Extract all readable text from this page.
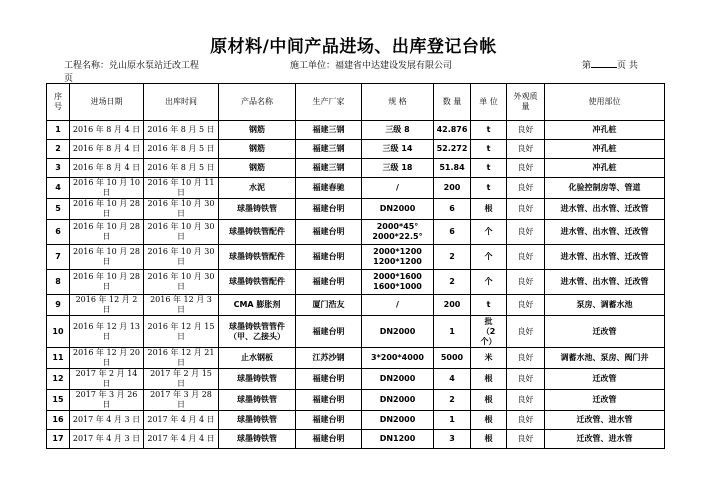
原材料/中间产品进场、出库登记台帐
工程名称：兑山原水泵站迁改工程	施工单位：福建省中达建设发展有限公司	第	页 共
页
序
号	进场日期	出库时间	产品名称	生产厂家	规 格	数 量	单 位	外观质
量	使用部位
1	2016 年 8 月 4 日	2016 年 8 月 5 日	钢筋	福建三钢	三级 8	42.876	t	良好	冲孔桩
2	2016 年 8 月 4 日	2016 年 8 月 5 日	钢筋	福建三钢	三级 14	52.272	t	良好	冲孔桩
3	2016 年 8 月 4 日	2016 年 8 月 5 日	钢筋	福建三钢	三级 18	51.84	t	良好	冲孔桩
4	2016 年 10 月 10 日	2016 年 10 月 11 日	水泥	福建春驰	/	200	t	良好	化验控制房等、管道
5	2016 年 10 月 28 日	2016 年 10 月 30 日	球墨铸铁管	福建台明	DN2000	6	根	良好	进水管、出水管、迁改管
6	2016 年 10 月 28 日	2016 年 10 月 30 日	球墨铸铁管配件	福建台明	2000*45°
2000*22.5°	6	个	良好	进水管、出水管、迁改管
7	2016 年 10 月 28 日	2016 年 10 月 30 日	球墨铸铁管配件	福建台明	2000*1200
1200*1200	2	个	良好	进水管、出水管、迁改管
8	2016 年 10 月 28 日	2016 年 10 月 30 日	球墨铸铁管配件	福建台明	2000*1600
1600*1000	2	个	良好	进水管、出水管、迁改管
9	2016 年 12 月 2 日	2016 年 12 月 3 日	CMA 膨胀剂	厦门浩友	/	200	t	良好	泵房、调蓄水池
10	2016 年 12 月 13 日	2016 年 12 月 15 日	球墨铸铁管管件
（甲、乙接头）	福建台明	DN2000	1	批
（2
个）	良好	迁改管
11	2016 年 12 月 20 日	2016 年 12 月 21 日	止水钢板	江苏沙钢	3*200*4000	5000	米	良好	调蓄水池、泵房、阀门井
12	2017 年 2 月 14 日	2017 年 2 月 15 日	球墨铸铁管	福建台明	DN2000	4	根	良好	迁改管
15	2017 年 3 月 26 日	2017 年 3 月 28 日	球墨铸铁管	福建台明	DN2000	2	根	良好	迁改管
16	2017 年 4 月 3 日	2017 年 4 月 4 日	球墨铸铁管	福建台明	DN2000	1	根	良好	迁改管、进水管
17	2017 年 4 月 3 日	2017 年 4 月 4 日	球墨铸铁管	福建台明	DN1200	3	根	良好	迁改管、进水管
